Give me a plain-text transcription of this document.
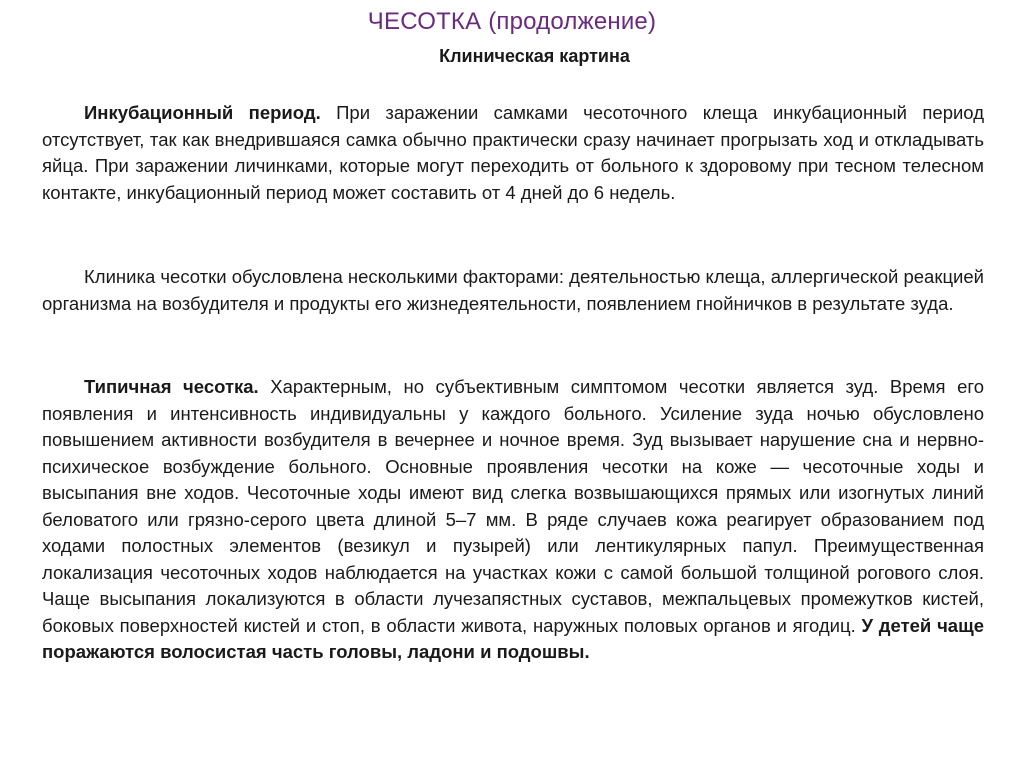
ЧЕСОТКА (продолжение)
Клиническая картина

Инкубационный период. При заражении самками чесоточного клеща инкубационный период отсутствует, так как внедрившаяся самка обычно практически сразу начинает прогрызать ход и откладывать яйца. При заражении личинками, которые могут переходить от больного к здоровому при тесном телесном контакте, инкубационный период может составить от 4 дней до 6 недель.

Клиника чесотки обусловлена несколькими факторами: деятельностью клеща, аллергической реакцией организма на возбудителя и продукты его жизнедеятельности, появлением гнойничков в результате зуда.

Типичная чесотка. Характерным, но субъективным симптомом чесотки является зуд. Время его появления и интенсивность индивидуальны у каждого больного. Усиление зуда ночью обусловлено повышением активности возбудителя в вечернее и ночное время. Зуд вызывает нарушение сна и нервно-психическое возбуждение больного. Основные проявления чесотки на коже — чесоточные ходы и высыпания вне ходов. Чесоточные ходы имеют вид слегка возвышающихся прямых или изогнутых линий беловатого или грязно-серого цвета длиной 5–7 мм. В ряде случаев кожа реагирует образованием под ходами полостных элементов (везикул и пузырей) или лентикулярных папул. Преимущественная локализация чесоточных ходов наблюдается на участках кожи с самой большой толщиной рогового слоя. Чаще высыпания локализуются в области лучезапястных суставов, межпальцевых промежутков кистей, боковых поверхностей кистей и стоп, в области живота, наружных половых органов и ягодиц. У детей чаще поражаются волосистая часть головы, ладони и подошвы.
